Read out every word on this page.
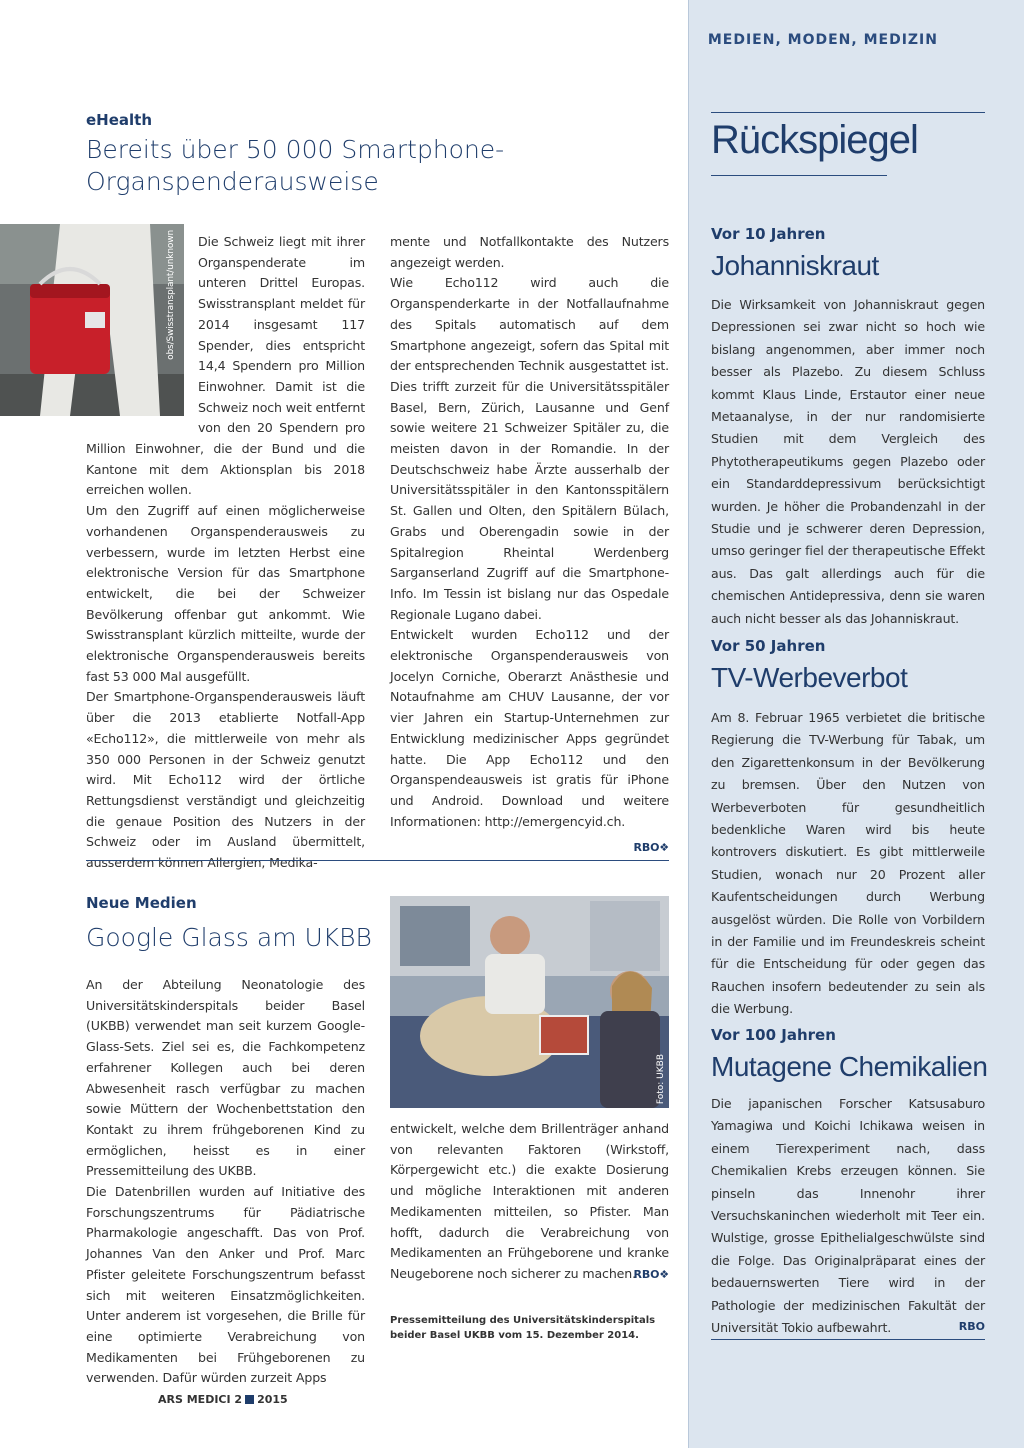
MEDIEN, MODEN, MEDIZIN
eHealth
Bereits über 50 000 Smartphone-
Organspenderausweise
obs/Swisstransplant/unknown	Die Schweiz liegt mit ihrer Organspenderate im unteren Drittel Europas. Swisstransplant meldet für 2014 insgesamt 117 Spender, dies entspricht 14,4 Spendern pro Million Einwohner. Damit ist die Schweiz noch weit entfernt von den 20 Spendern pro Million Einwohner, die der Bund und die Kantone mit dem Aktionsplan bis 2018 erreichen wollen.

Um den Zugriff auf einen möglicherweise vorhandenen Organspenderausweis zu verbessern, wurde im letzten Herbst eine elektronische Version für das Smartphone entwickelt, die bei der Schweizer Bevölkerung offenbar gut ankommt. Wie Swisstransplant kürzlich mitteilte, wurde der elektronische Organspenderausweis bereits fast 53 000 Mal ausgefüllt.

Der Smartphone-Organspenderausweis läuft über die 2013 etablierte Notfall-App «Echo112», die mittlerweile von mehr als 350 000 Personen in der Schweiz genutzt wird. Mit Echo112 wird der örtliche Rettungsdienst verständigt und gleichzeitig die genaue Position des Nutzers in der Schweiz oder im Ausland übermittelt, ausserdem können Allergien, Medika-

mente und Notfallkontakte des Nutzers angezeigt werden.

Wie Echo112 wird auch die Organspenderkarte in der Notfallaufnahme des Spitals automatisch auf dem Smartphone angezeigt, sofern das Spital mit der entsprechenden Technik ausgestattet ist. Dies trifft zurzeit für die Universitätsspitäler Basel, Bern, Zürich, Lausanne und Genf sowie weitere 21 Schweizer Spitäler zu, die meisten davon in der Romandie. In der Deutschschweiz habe Ärzte ausserhalb der Universitätsspitäler in den Kantonsspitälern St. Gallen und Olten, den Spitälern Bülach, Grabs und Oberengadin sowie in der Spitalregion Rheintal Werdenberg Sarganserland Zugriff auf die Smartphone-Info. Im Tessin ist bislang nur das Ospedale Regionale Lugano dabei.

Entwickelt wurden Echo112 und der elektronische Organspenderausweis von Jocelyn Corniche, Oberarzt Anästhesie und Notaufnahme am CHUV Lausanne, der vor vier Jahren ein Startup-Unternehmen zur Entwicklung medizinischer Apps gegründet hatte. Die App Echo112 und den Organspendeausweis ist gratis für iPhone und Android. Download und weitere Informationen: http://emergencyid.ch.

RBO❖
Neue Medien
Google Glass am UKBB

An der Abteilung Neonatologie des Universitätskinderspitals beider Basel (UKBB) verwendet man seit kurzem Google-Glass-Sets. Ziel sei es, die Fachkompetenz erfahrener Kollegen auch bei deren Abwesenheit rasch verfügbar zu machen sowie Müttern der Wochenbettstation den Kontakt zu ihrem frühgeborenen Kind zu ermöglichen, heisst es in einer Pressemitteilung des UKBB.

Die Datenbrillen wurden auf Initiative des Forschungszentrums für Pädiatrische Pharmakologie angeschafft. Das von Prof. Johannes Van den Anker und Prof. Marc Pfister geleitete Forschungszentrum befasst sich mit weiteren Einsatzmöglichkeiten. Unter anderem ist vorgesehen, die Brille für eine optimierte Verabreichung von Medikamenten bei Frühgeborenen zu verwenden. Dafür würden zurzeit Apps

Foto: UKBB

entwickelt, welche dem Brillenträger anhand von relevanten Faktoren (Wirkstoff, Körpergewicht etc.) die exakte Dosierung und mögliche Interaktionen mit anderen Medikamenten mitteilen, so Pfister. Man hofft, dadurch die Verabreichung von Medikamenten an Frühgeborene und kranke Neugeborene noch sicherer zu machen.

RBO❖
Pressemitteilung des Universitätskinderspitals beider Basel UKBB vom 15. Dezember 2014.
Rückspiegel
Vor 10 Jahren
Johanniskraut
Die Wirksamkeit von Johanniskraut gegen Depressionen sei zwar nicht so hoch wie bislang angenommen, aber immer noch besser als Plazebo. Zu diesem Schluss kommt Klaus Linde, Erstautor einer neue Metaanalyse, in der nur randomisierte Studien mit dem Vergleich des Phytotherapeutikums gegen Plazebo oder ein Standarddepressivum berücksichtigt wurden. Je höher die Probandenzahl in der Studie und je schwerer deren Depression, umso geringer fiel der therapeutische Effekt aus. Das galt allerdings auch für die chemischen Antidepressiva, denn sie waren auch nicht besser als das Johanniskraut.
Vor 50 Jahren
TV-Werbeverbot
Am 8. Februar 1965 verbietet die britische Regierung die TV-Werbung für Tabak, um den Zigarettenkonsum in der Bevölkerung zu bremsen. Über den Nutzen von Werbeverboten für gesundheitlich bedenkliche Waren wird bis heute kontrovers diskutiert. Es gibt mittlerweile Studien, wonach nur 20 Prozent aller Kaufentscheidungen durch Werbung ausgelöst würden. Die Rolle von Vorbildern in der Familie und im Freundeskreis scheint für die Entscheidung für oder gegen das Rauchen insofern bedeutender zu sein als die Werbung.
Vor 100 Jahren
Mutagene Chemikalien
Die japanischen Forscher Katsusaburo Yamagiwa und Koichi Ichikawa weisen in einem Tierexperiment nach, dass Chemikalien Krebs erzeugen können. Sie pinseln das Innenohr ihrer Versuchskaninchen wiederholt mit Teer ein. Wulstige, grosse Epithelialgeschwülste sind die Folge. Das Originalpräparat eines der bedauernswerten Tiere wird in der Pathologie der medizinischen Fakultät der Universität Tokio aufbewahrt.	RBO
ARS MEDICI 2 2015
